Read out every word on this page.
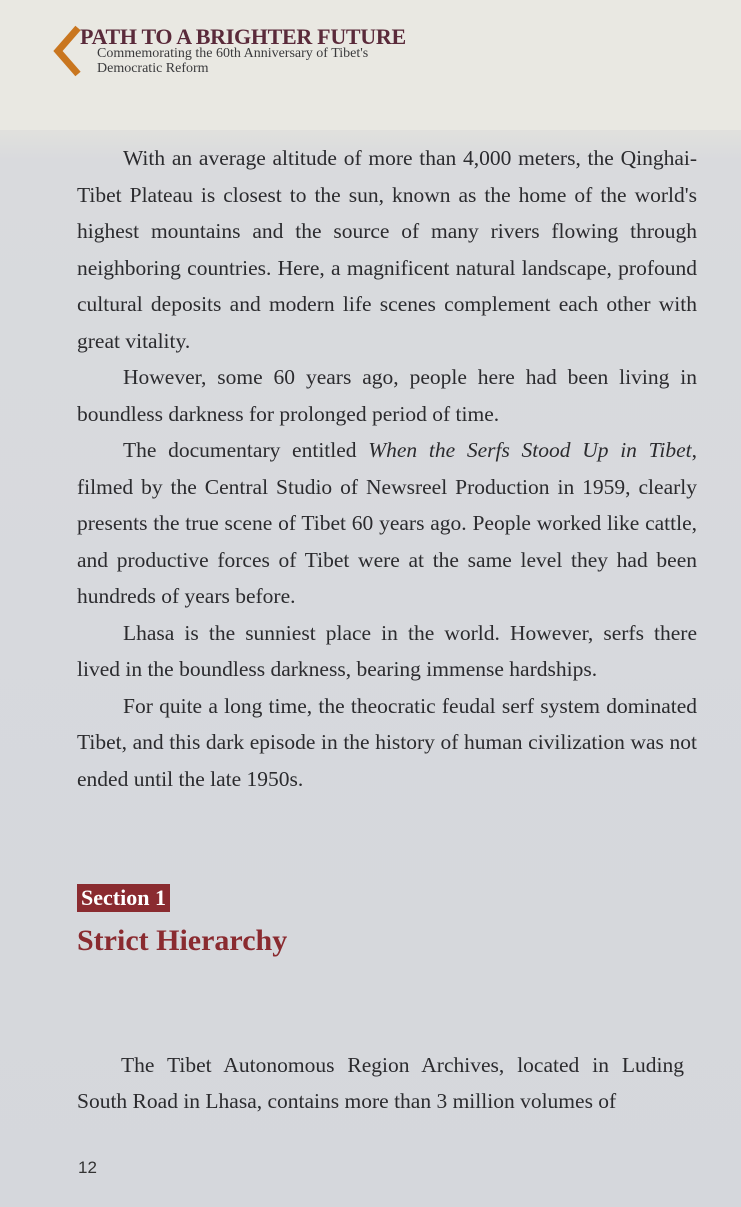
PATH TO A BRIGHTER FUTURE
Commemorating the 60th Anniversary of Tibet's
Democratic Reform

With an average altitude of more than 4,000 meters, the Qinghai-Tibet Plateau is closest to the sun, known as the home of the world's highest mountains and the source of many rivers flowing through neighboring countries. Here, a magnificent natural landscape, profound cultural deposits and modern life scenes complement each other with great vitality.

However, some 60 years ago, people here had been living in boundless darkness for prolonged period of time.

The documentary entitled When the Serfs Stood Up in Tibet, filmed by the Central Studio of Newsreel Production in 1959, clearly presents the true scene of Tibet 60 years ago. People worked like cattle, and productive forces of Tibet were at the same level they had been hundreds of years before.

Lhasa is the sunniest place in the world. However, serfs there lived in the boundless darkness, bearing immense hardships.

For quite a long time, the theocratic feudal serf system dominated Tibet, and this dark episode in the history of human civilization was not ended until the late 1950s.

Section 1
Strict Hierarchy

The Tibet Autonomous Region Archives, located in Luding South Road in Lhasa, contains more than 3 million volumes of

12
